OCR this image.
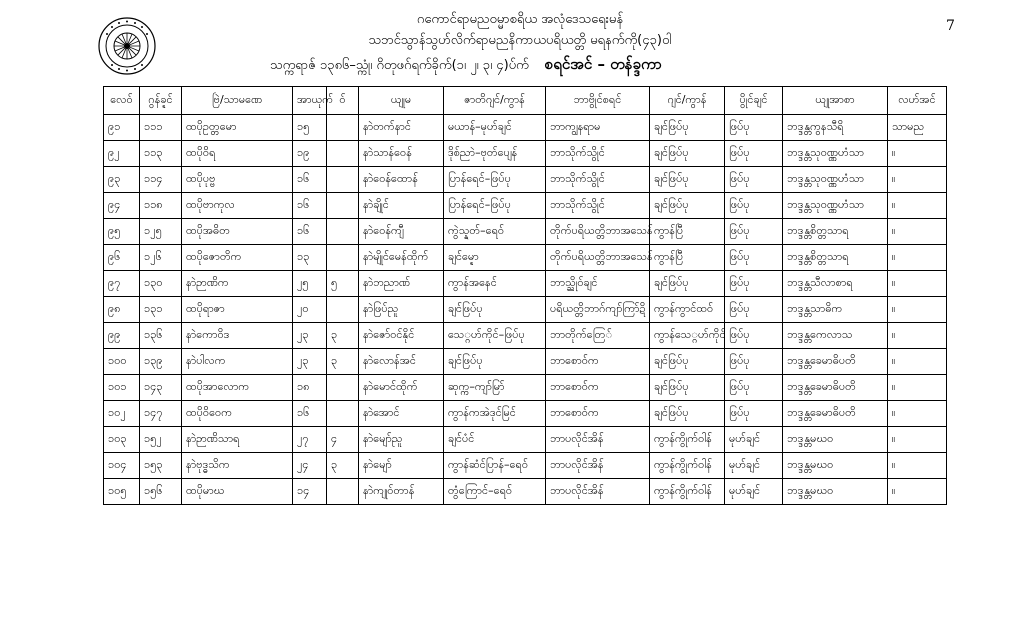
7
ဂကောင်ရာမညဝမ္မာစရိယ အလုံဒေသရေးမန်
သဘင်သွာန်သွဟ်လိက်ရာမညနိကာယပရိယတ္တိ မရနက်ကို(၄၃)ဝါ
သက္ကရာဇ် ၁၃၈၆–သ္ကုံ၊ ဂိတုဖဂ်ရက်ခိုက်(၁၊ ၂၊ ၃၊ ၄)ပ်က် စရင်အင် – တန်ခ္ဒကာ
လေဝ်	ဂွန်ခ္ဍင်	ဗြဲ/သာမဏေ	အာယုက်	ဝ်	ယျုမ	ဇာတိဂျင်/ကွာန်	ဘာဗွိုင်စရင်	ဂျင်/ကွာန်	ပွိုင်ချင်	ယျုအာစာ	လဟ်အင်
၉၁	၁၁၁	ထပိုဥတ္တမော	၁၅		နာဲတက်နာင်	မယာန်–မုဟ်ချင်	ဘာကျွနရာမ	ချင်ဖြပ်ပု	ဖြပ်ပု	ဘဒ္ဒန္တကွနသီရိ	သာမည
၉၂	၁၁၃	ထပိုဝိရ	၁၉		နာဲသာန်ဝေန်	ဒိုစ်ညာဲ–ဗုတ်ပျေန်	ဘာသိုက်သွိုင်	ချင်ဖြပ်ပု	ဖြပ်ပု	ဘဒ္ဒန္တသုဝဏ္ဏဟံသာ	။
၉၃	၁၁၄	ထပိုပုဗ္ဗ	၁၆		နာဲဝေန်ထောန်	ပြာန်ရေင်–ဖြပ်ပု	ဘာသိုက်သွိုင်	ချင်ဖြပ်ပု	ဖြပ်ပု	ဘဒ္ဒန္တသုဝဏ္ဏဟံသာ	။
၉၄	၁၁၈	ထပိုဗာကုလ	၁၆		နာဲချိုင်	ပြာန်ရေင်–ဖြပ်ပု	ဘာသိုက်သွိုင်	ချင်ဖြပ်ပု	ဖြပ်ပု	ဘဒ္ဒန္တသုဝဏ္ဏဟံသာ	။
၉၅	၁၂၅	ထပိုအဓိတ	၁၆		နာဲဝေန်ကျီ	ကွဲသ္နတ်–ရေဝ်	တိုက်ပရိယတ္တိဘာအသေန်	ကွာန်ပြီ	ဖြပ်ပု	ဘဒ္ဒန္တစိတ္တသာရ	။
၉၆	၁၂၆	ထပိုဇောတိက	၁၃		နာဲမျိုင်မေန်ထိုက်	ချင်မ္ဍော	တိုက်ပရိယတ္တိဘာအသေန်	ကွာန်ပြီ	ဖြပ်ပု	ဘဒ္ဒန္တစိတ္တသာရ	။
၉၇	၁၃၀	နာဲဉာဏိက	၂၅	၅	နာဲဘညာဏ်	ကွာန်အနေင်	ဘာသ္ညိုဝ်ချင်	ချင်ဖြပ်ပု	ဖြပ်ပု	ဘဒ္ဒန္တသီလာစာရ	။
၉၈	၁၃၁	ထပိုရာဇာ	၂၀		နာဲဖြပ်ညူ	ချင်ဖြပ်ပု	ပရိယတ္တိဘာဂ်ကျာ်ကြာ်ဍိ	ကွာန်ကွာင်ထဝ်	ဖြပ်ပု	ဘဒ္ဒန္တသာဓိက	။
၉၉	၁၃၆	နာဲကောဝိဒ	၂၃	၃	နာဲဇော်ဝင်နိုင်	သေ္ဂဟ်ကိုင်–ဖြပ်ပု	ဘာတိုက်တြေ်	ကွာန်သေ္ဂဟ်ကိုင်	ဖြပ်ပု	ဘဒ္ဒန္တကေလာသ	။
၁၀၀	၁၃၉	နာဲပါလက	၂၃	၃	နာဲလောန်အင်	ချင်ဖြပ်ပု	ဘာစောဝ်က	ချင်ဖြပ်ပု	ဖြပ်ပု	ဘဒ္ဒန္တခေမာဓိပတိ	။
၁၀၁	၁၄၃	ထပိုအာလောက	၁၈		နာဲမောင်ထိုက်	ဆုက္က–ကျာ်မြာ်	ဘာစောဝ်က	ချင်ဖြပ်ပု	ဖြပ်ပု	ဘဒ္ဒန္တခေမာဓိပတိ	။
၁၀၂	၁၄၇	ထပိုဝိဝေက	၁၆		နာဲအောင်	ကွာန်ကအဲဒုင်မြင်	ဘာစောဝ်က	ချင်ဖြပ်ပု	ဖြပ်ပု	ဘဒ္ဒန္တခေမာဓိပတိ	။
၁၀၃	၁၅၂	နာဲဉာဏိသာရ	၂၇	၄	နာဲမျော်ညူ	ချင်ပံင်	ဘာပလိုင်အိန်	ကွာန်ကွိုက်ဝါန်	မုဟ်ချင်	ဘဒ္ဒန္တမဃဝ	။
၁၀၄	၁၅၃	နာဲဗုဒ္ဓသိက	၂၄	၃	နာဲမျော်	ကွာန်ဆံင်ပြာန်–ရေဝ်	ဘာပလိုင်အိန်	ကွာန်ကွိုက်ဝါန်	မုဟ်ချင်	ဘဒ္ဒန္တမဃဝ	။
၁၀၅	၁၅၆	ထပိုမာဃ	၁၄		နာဲကျုဝ်တာန်	တွံကြောင်–ရေဝ်	ဘာပလိုင်အိန်	ကွာန်ကွိုက်ဝါန်	မုဟ်ချင်	ဘဒ္ဒန္တမဃဝ	။
